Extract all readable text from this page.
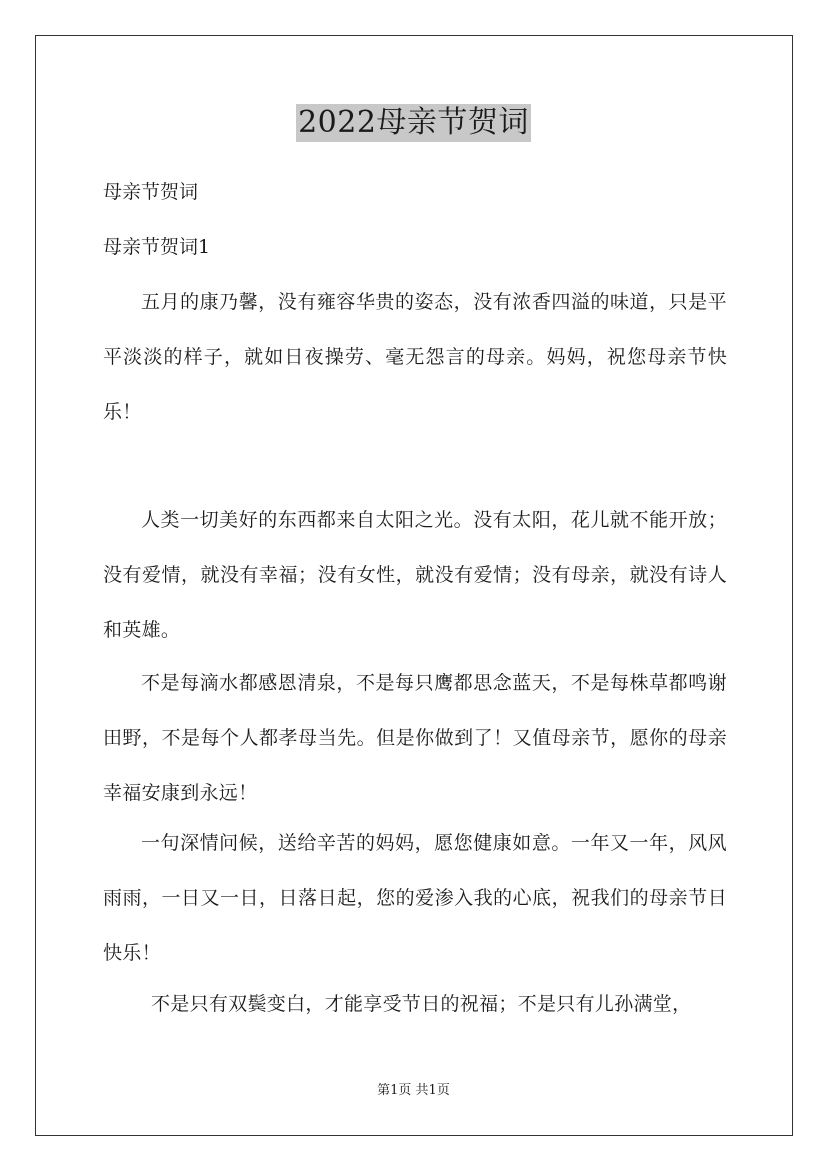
2022母亲节贺词
母亲节贺词
母亲节贺词1

五月的康乃馨，没有雍容华贵的姿态，没有浓香四溢的味道，只是平平淡淡的样子，就如日夜操劳、毫无怨言的母亲。妈妈，祝您母亲节快乐！

人类一切美好的东西都来自太阳之光。没有太阳，花儿就不能开放；没有爱情，就没有幸福；没有女性，就没有爱情；没有母亲，就没有诗人和英雄。

不是每滴水都感恩清泉，不是每只鹰都思念蓝天，不是每株草都鸣谢田野，不是每个人都孝母当先。但是你做到了！又值母亲节，愿你的母亲幸福安康到永远！

一句深情问候，送给辛苦的妈妈，愿您健康如意。一年又一年，风风雨雨，一日又一日，日落日起，您的爱渗入我的心底，祝我们的母亲节日快乐！

不是只有双鬓变白，才能享受节日的祝福；不是只有儿孙满堂，

第1页 共1页
